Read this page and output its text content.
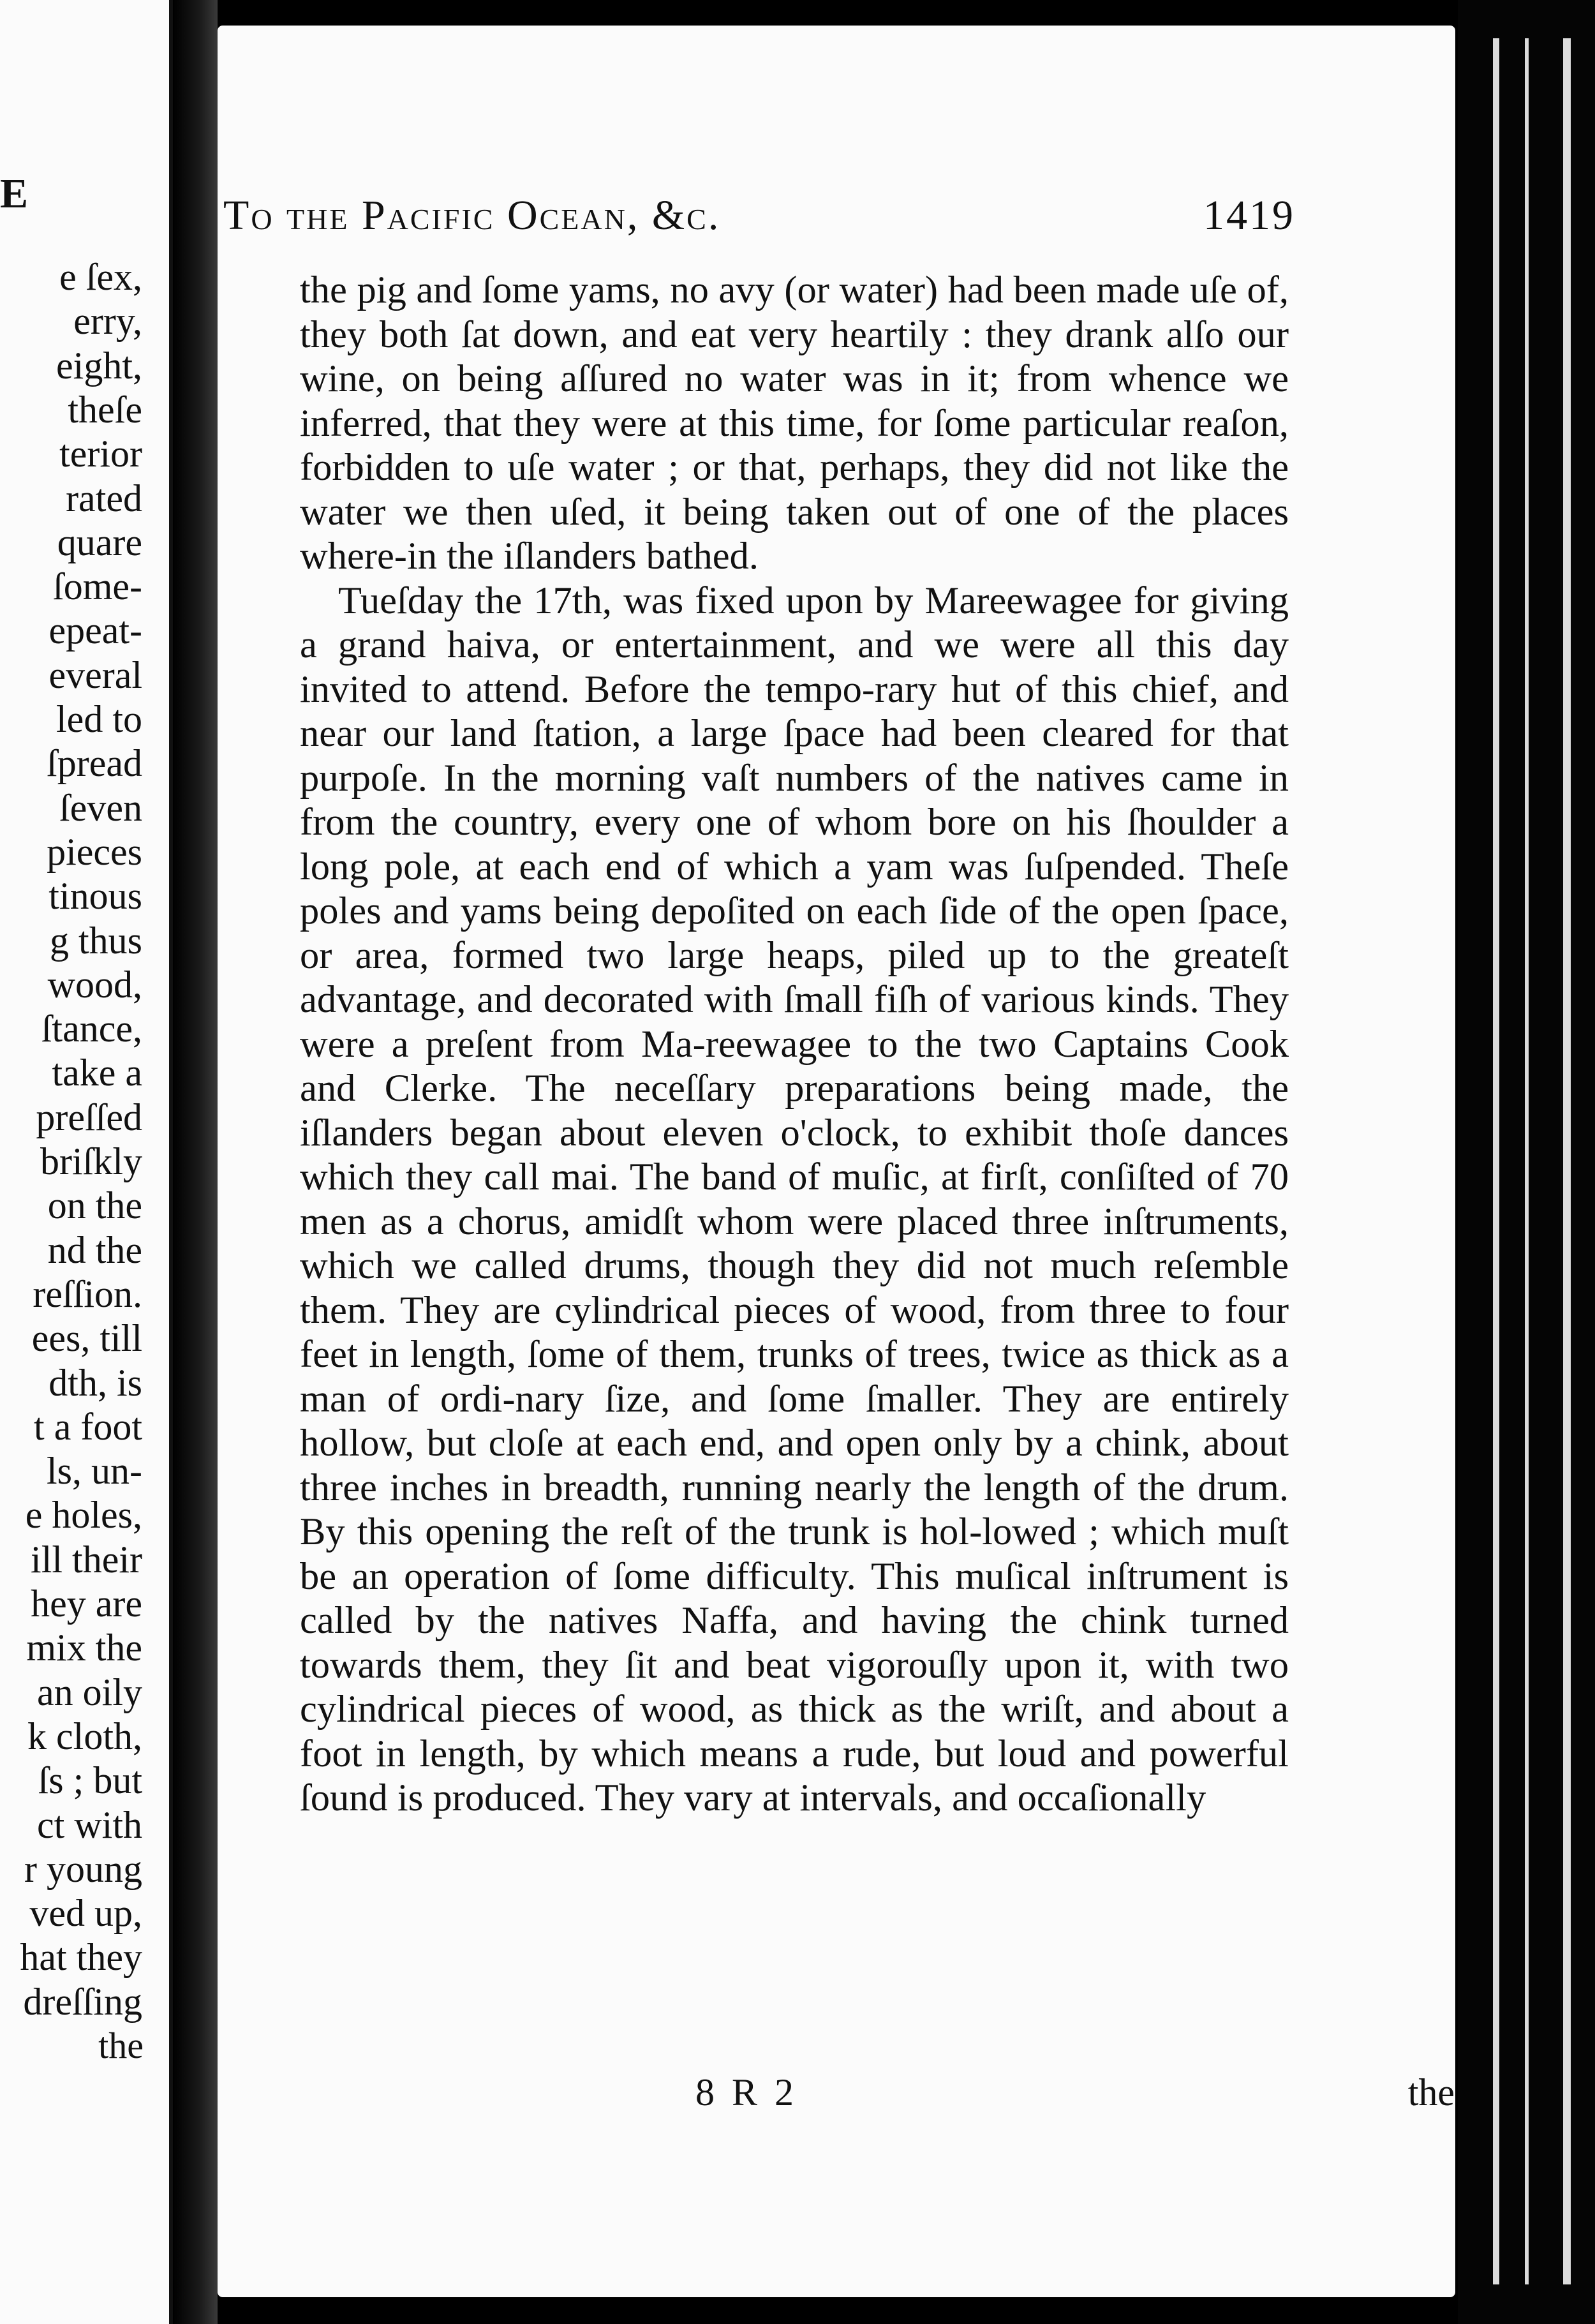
E
e ſex,
erry,
eight,
theſe
terior
rated
quare
ſome-
epeat-
everal
led to
ſpread
ſeven
pieces
tinous
g thus
wood,
ſtance,
take a
preſſed
briſkly
on the
nd the
reſſion.
ees, till
dth, is
t a foot
ls, un-
e holes,
ill their
hey are
mix the
an oily
k cloth,
ſs ; but
ct with
r young
ved up,
hat they
dreſſing
the
To the Pacific Ocean, &c.	1419

the pig and ſome yams, no avy (or water) had been made uſe of, they both ſat down, and eat very heartily : they drank alſo our wine, on being aſſured no water was in it; from whence we inferred, that they were at this time, for ſome particular reaſon, forbidden to uſe water ; or that, perhaps, they did not like the water we then uſed, it being taken out of one of the places where-in the iſlanders bathed.

Tueſday the 17th, was fixed upon by Mareewagee for giving a grand haiva, or entertainment, and we were all this day invited to attend. Before the tempo-rary hut of this chief, and near our land ſtation, a large ſpace had been cleared for that purpoſe. In the morning vaſt numbers of the natives came in from the country, every one of whom bore on his ſhoulder a long pole, at each end of which a yam was ſuſpended. Theſe poles and yams being depoſited on each ſide of the open ſpace, or area, formed two large heaps, piled up to the greateſt advantage, and decorated with ſmall fiſh of various kinds. They were a preſent from Ma-reewagee to the two Captains Cook and Clerke. The neceſſary preparations being made, the iſlanders began about eleven o'clock, to exhibit thoſe dances which they call mai. The band of muſic, at firſt, conſiſted of 70 men as a chorus, amidſt whom were placed three inſtruments, which we called drums, though they did not much reſemble them. They are cylindrical pieces of wood, from three to four feet in length, ſome of them, trunks of trees, twice as thick as a man of ordi-nary ſize, and ſome ſmaller. They are entirely hollow, but cloſe at each end, and open only by a chink, about three inches in breadth, running nearly the length of the drum. By this opening the reſt of the trunk is hol-lowed ; which muſt be an operation of ſome difficulty. This muſical inſtrument is called by the natives Naffa, and having the chink turned towards them, they ſit and beat vigorouſly upon it, with two cylindrical pieces of wood, as thick as the wriſt, and about a foot in length, by which means a rude, but loud and powerful ſound is produced. They vary at intervals, and occaſionally

8 R 2	the
